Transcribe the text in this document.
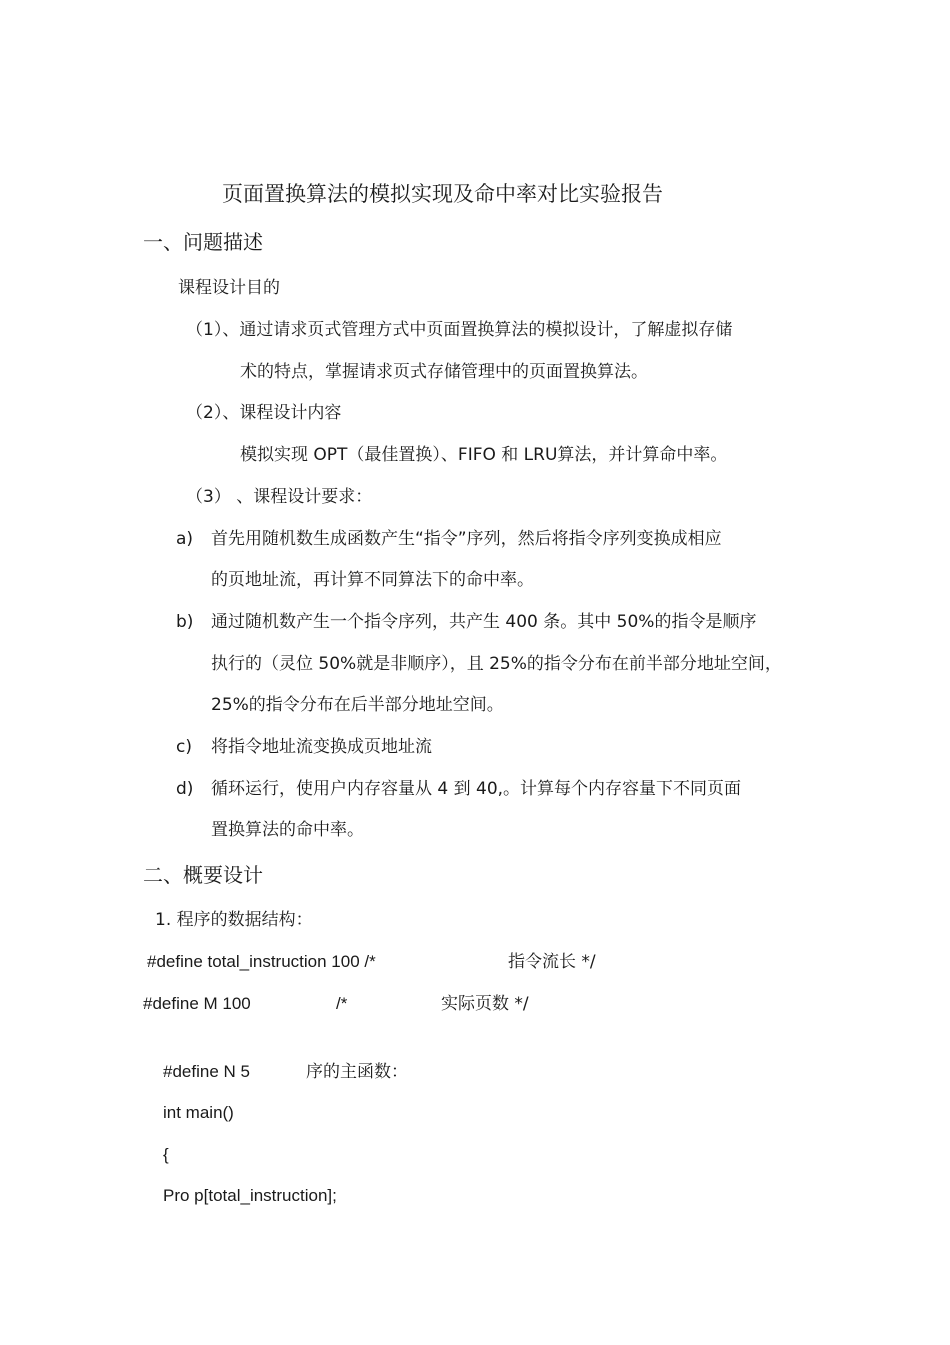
页面置换算法的模拟实现及命中率对比实验报告
一、问题描述
课程设计目的
（1）、通过请求页式管理方式中页面置换算法的模拟设计，了解虚拟存储
术的特点，掌握请求页式存储管理中的页面置换算法。
（2）、课程设计内容
模拟实现 OPT（最佳置换）、FIFO 和 LRU算法，并计算命中率。
（3） 、课程设计要求：
a) 首先用随机数生成函数产生“指令”序列，然后将指令序列变换成相应
的页地址流，再计算不同算法下的命中率。
b) 通过随机数产生一个指令序列，共产生 400 条。其中 50%的指令是顺序
执行的（灵位 50%就是非顺序），且 25%的指令分布在前半部分地址空间，
25%的指令分布在后半部分地址空间。
c) 将指令地址流变换成页地址流
d) 循环运行，使用户内存容量从 4 到 40,。计算每个内存容量下不同页面
置换算法的命中率。
二、概要设计
1. 程序的数据结构：
#define total_instruction 100 /*	指令流长 */
#define M 100	/*	实际页数 */
#define N 5	序的主函数：
int main()
{
Pro p[total_instruction];
